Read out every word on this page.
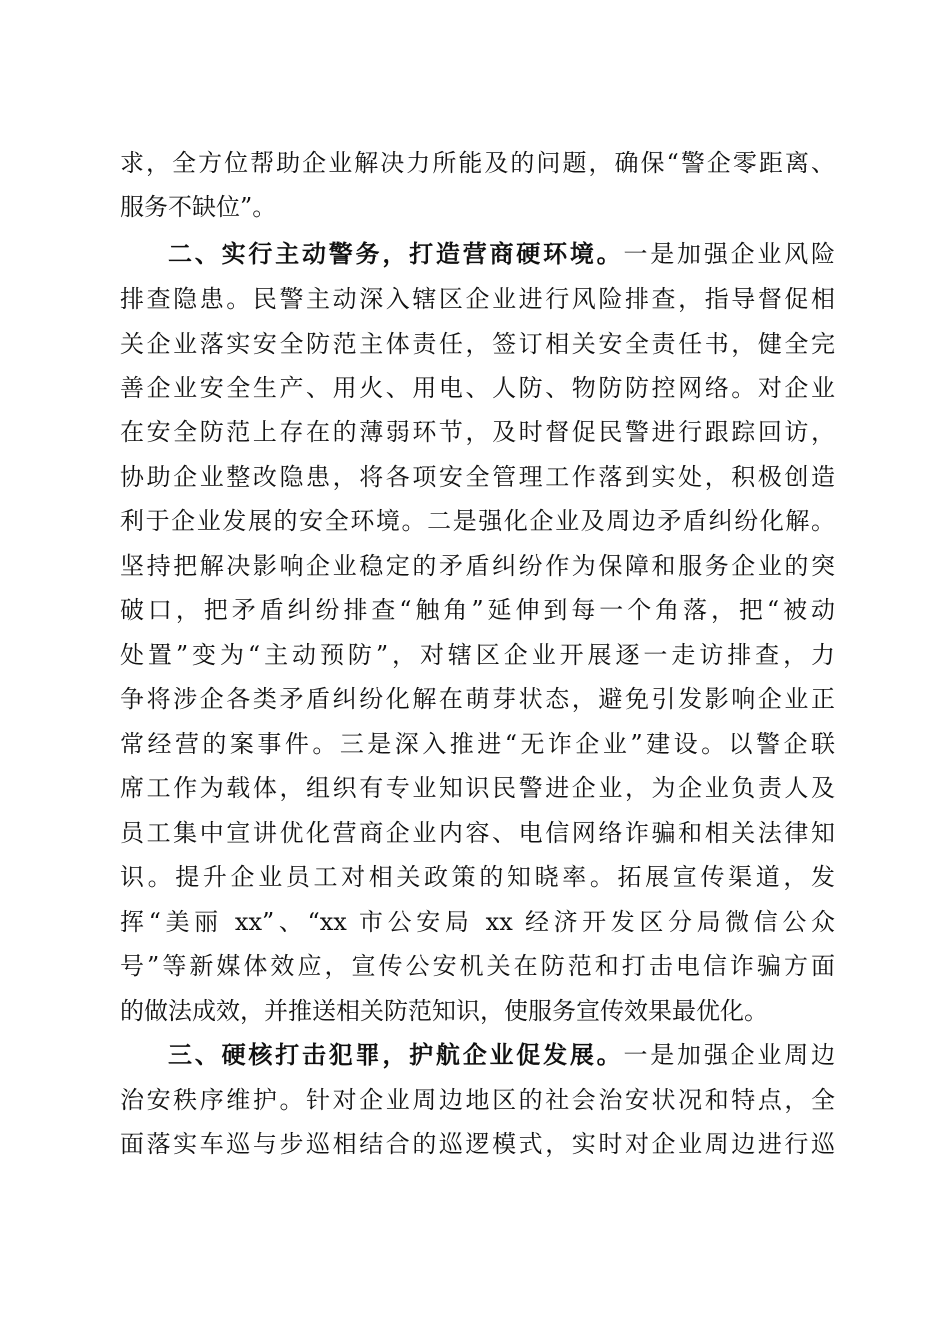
求，全方位帮助企业解决力所能及的问题，确保“警企零距离、
服务不缺位”。
二、实行主动警务，打造营商硬环境。一是加强企业风险
排查隐患。民警主动深入辖区企业进行风险排查，指导督促相
关企业落实安全防范主体责任，签订相关安全责任书，健全完
善企业安全生产、用火、用电、人防、物防防控网络。对企业
在安全防范上存在的薄弱环节，及时督促民警进行跟踪回访，
协助企业整改隐患，将各项安全管理工作落到实处，积极创造
利于企业发展的安全环境。二是强化企业及周边矛盾纠纷化解。
坚持把解决影响企业稳定的矛盾纠纷作为保障和服务企业的突
破口，把矛盾纠纷排查“触角”延伸到每一个角落，把“被动
处置”变为“主动预防”，对辖区企业开展逐一走访排查，力
争将涉企各类矛盾纠纷化解在萌芽状态，避免引发影响企业正
常经营的案事件。三是深入推进“无诈企业”建设。以警企联
席工作为载体，组织有专业知识民警进企业，为企业负责人及
员工集中宣讲优化营商企业内容、电信网络诈骗和相关法律知
识。提升企业员工对相关政策的知晓率。拓展宣传渠道，发
挥“美丽 xx”、“xx 市公安局 xx 经济开发区分局微信公众
号”等新媒体效应，宣传公安机关在防范和打击电信诈骗方面
的做法成效，并推送相关防范知识，使服务宣传效果最优化。
三、硬核打击犯罪，护航企业促发展。一是加强企业周边
治安秩序维护。针对企业周边地区的社会治安状况和特点，全
面落实车巡与步巡相结合的巡逻模式，实时对企业周边进行巡
